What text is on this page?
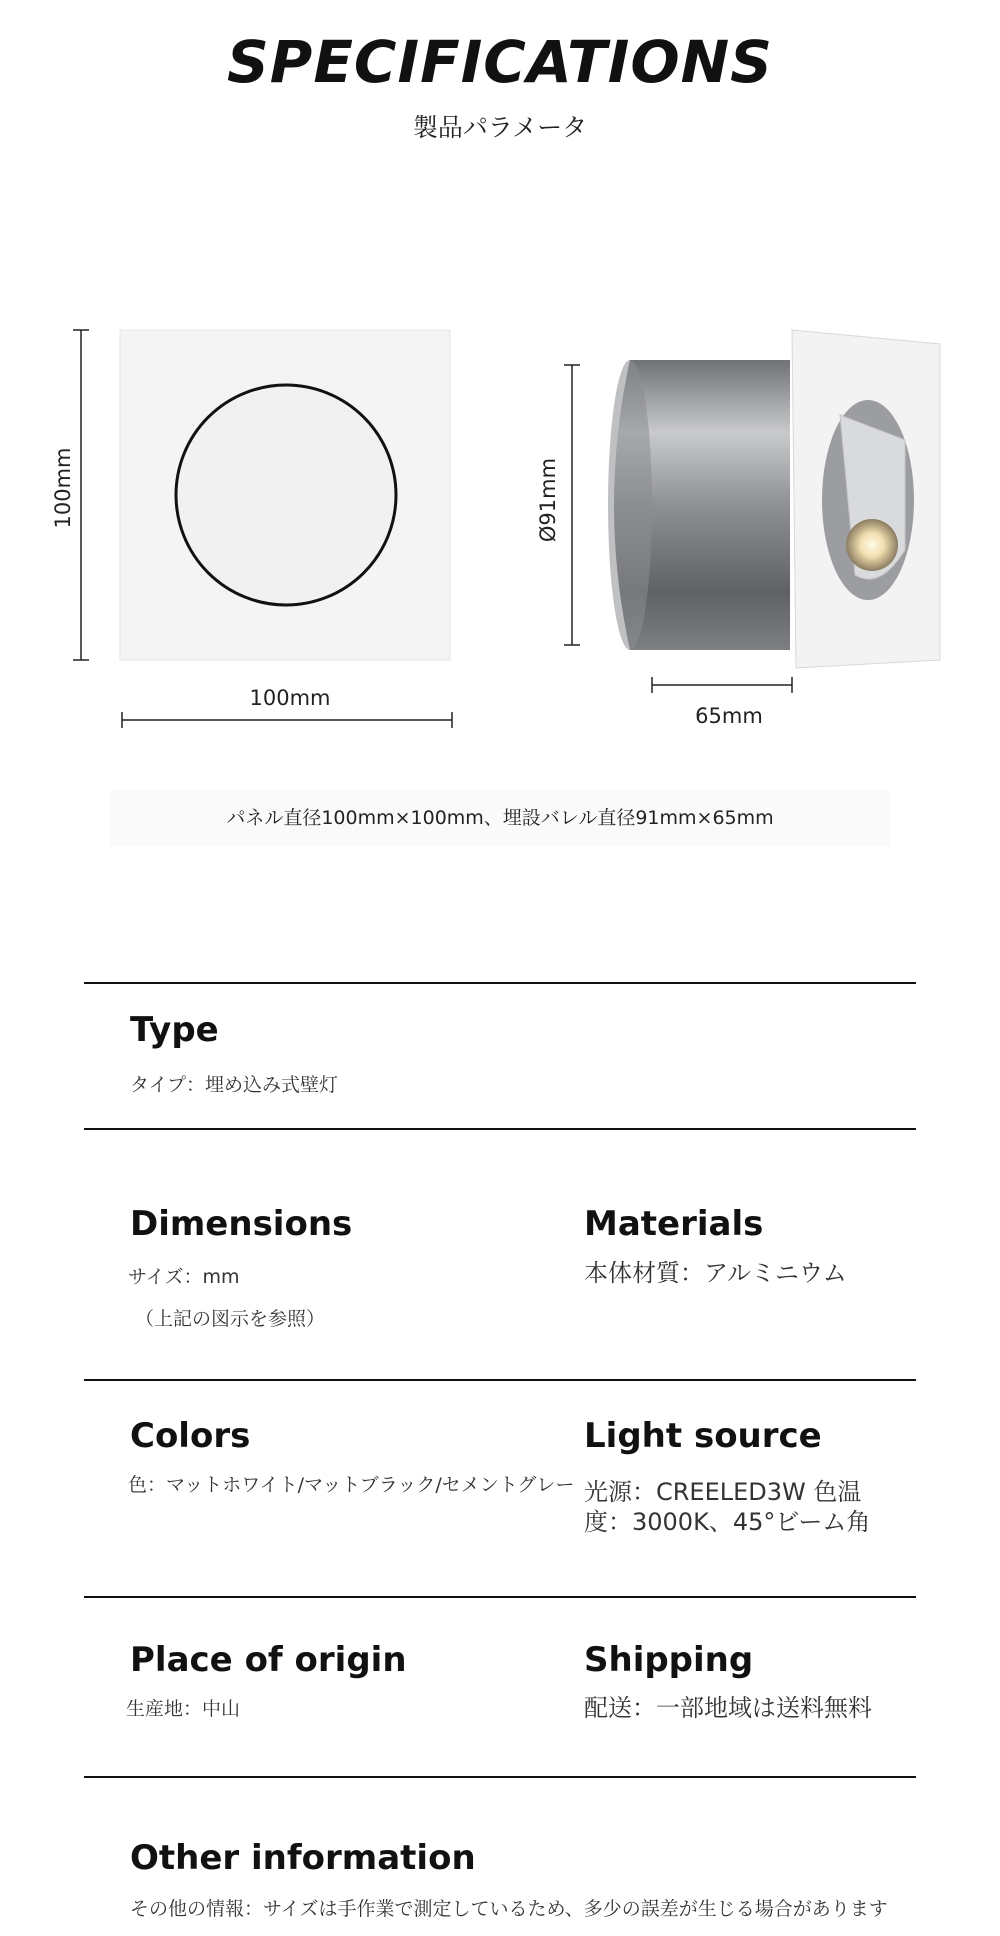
SPECIFICATIONS
製品パラメータ
100mm
100mm
65mm
Ø91mm
パネル直径100mm×100mm、埋設バレル直径91mm×65mm
Type
タイプ：埋め込み式壁灯
Dimensions
サイズ：mm
（上記の図示を参照）
Materials
本体材質：アルミニウム
Colors
色：マットホワイト/マットブラック/セメントグレー
Light source
光源：CREELED3W 色温
度：3000K、45°ビーム角
Place of origin
生産地：中山
Shipping
配送：一部地域は送料無料
Other information
その他の情報：サイズは手作業で測定しているため、多少の誤差が生じる場合があります
